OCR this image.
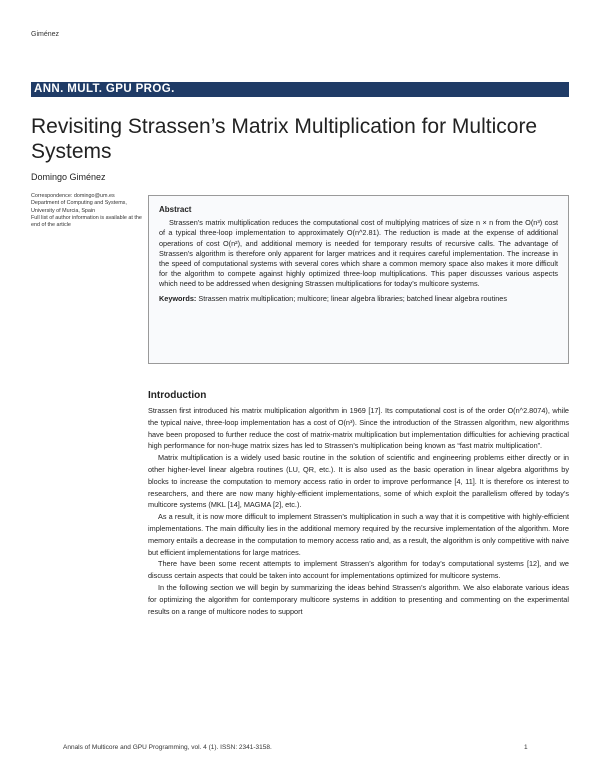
Giménez
ANN. MULT. GPU PROG.
Revisiting Strassen’s Matrix Multiplication for Multicore Systems
Domingo Giménez

Correspondence: domingo@um.es

Department of Computing and Systems, University of Murcia, Spain

Full list of author information is available at the end of the article

Abstract

Strassen’s matrix multiplication reduces the computational cost of multiplying matrices of size n × n from the O(n³) cost of a typical three-loop implementation to approximately O(n^2.81). The reduction is made at the expense of additional operations of cost O(n²), and additional memory is needed for temporary results of recursive calls. The advantage of Strassen’s algorithm is therefore only apparent for larger matrices and it requires careful implementation. The increase in the speed of computational systems with several cores which share a common memory space also makes it more difficult for the algorithm to compete against highly optimized three-loop multiplications. This paper discusses various aspects which need to be addressed when designing Strassen multiplications for today’s multicore systems.

Keywords: Strassen matrix multiplication; multicore; linear algebra libraries; batched linear algebra routines

Introduction

Strassen first introduced his matrix multiplication algorithm in 1969 [17]. Its computational cost is of the order O(n^2.8074), while the typical naive, three-loop implementation has a cost of O(n³). Since the introduction of the Strassen algorithm, new algorithms have been proposed to further reduce the cost of matrix-matrix multiplication but implementation difficulties for achieving practical high performance for non-huge matrix sizes has led to Strassen’s multiplication being known as “fast matrix multiplication”.

Matrix multiplication is a widely used basic routine in the solution of scientific and engineering problems either directly or in other higher-level linear algebra routines (LU, QR, etc.). It is also used as the basic operation in linear algebra algorithms by blocks to increase the computation to memory access ratio in order to improve performance [4, 11]. It is therefore os interest to researchers, and there are now many highly-efficient implementations, some of which exploit the parallelism offered by today’s multicore systems (MKL [14], MAGMA [2], etc.).

As a result, it is now more difficult to implement Strassen’s multiplication in such a way that it is competitive with highly-efficient implementations. The main difficulty lies in the additional memory required by the recursive implementation of the algorithm. More memory entails a decrease in the computation to memory access ratio and, as a result, the algorithm is only competitive with naive but efficient implementations for large matrices.

There have been some recent attempts to implement Strassen’s algorithm for today’s computational systems [12], and we discuss certain aspects that could be taken into account for implementations optimized for multicore systems.

In the following section we will begin by summarizing the ideas behind Strassen’s algorithm. We also elaborate various ideas for optimizing the algorithm for contemporary multicore systems in addition to presenting and commenting on the experimental results on a range of multicore nodes to support

Annals of Multicore and GPU Programming, vol. 4 (1). ISSN: 2341-3158.	1
